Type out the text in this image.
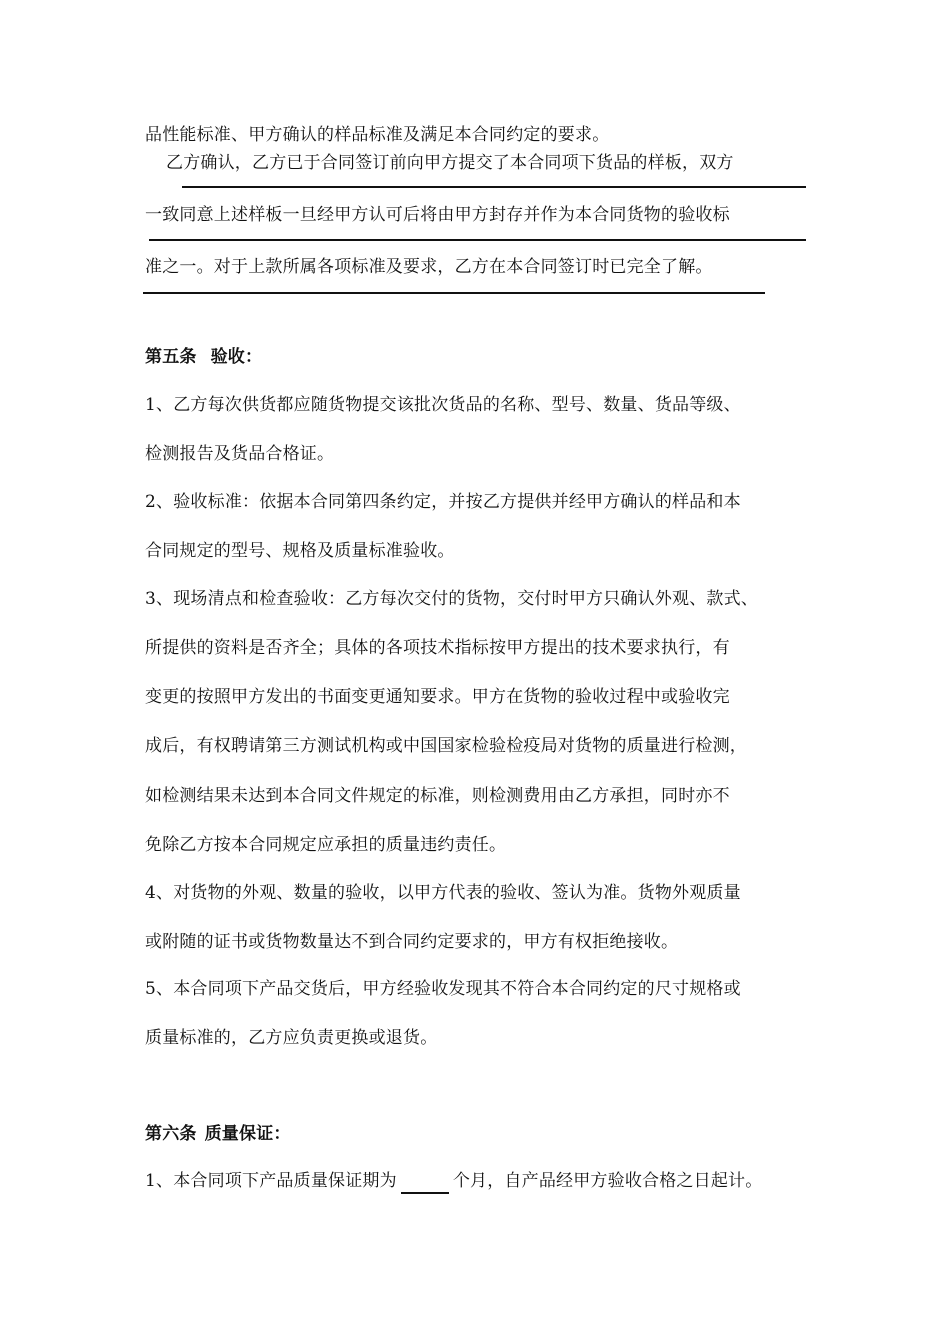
品性能标准、甲方确认的样品标准及满足本合同约定的要求。
乙方确认，乙方已于合同签订前向甲方提交了本合同项下货品的样板，双方
一致同意上述样板一旦经甲方认可后将由甲方封存并作为本合同货物的验收标
准之一。对于上款所属各项标准及要求，乙方在本合同签订时已完全了解。
第五条 验收：
1、乙方每次供货都应随货物提交该批次货品的名称、型号、数量、货品等级、
检测报告及货品合格证。
2、验收标准：依据本合同第四条约定，并按乙方提供并经甲方确认的样品和本
合同规定的型号、规格及质量标准验收。
3、现场清点和检查验收：乙方每次交付的货物，交付时甲方只确认外观、款式、
所提供的资料是否齐全；具体的各项技术指标按甲方提出的技术要求执行，有
变更的按照甲方发出的书面变更通知要求。甲方在货物的验收过程中或验收完
成后，有权聘请第三方测试机构或中国国家检验检疫局对货物的质量进行检测，
如检测结果未达到本合同文件规定的标准，则检测费用由乙方承担，同时亦不
免除乙方按本合同规定应承担的质量违约责任。
4、对货物的外观、数量的验收，以甲方代表的验收、签认为准。货物外观质量
或附随的证书或货物数量达不到合同约定要求的，甲方有权拒绝接收。
5、本合同项下产品交货后，甲方经验收发现其不符合本合同约定的尺寸规格或
质量标准的，乙方应负责更换或退货。
第六条 质量保证：
1、本合同项下产品质量保证期为	个月，自产品经甲方验收合格之日起计。
